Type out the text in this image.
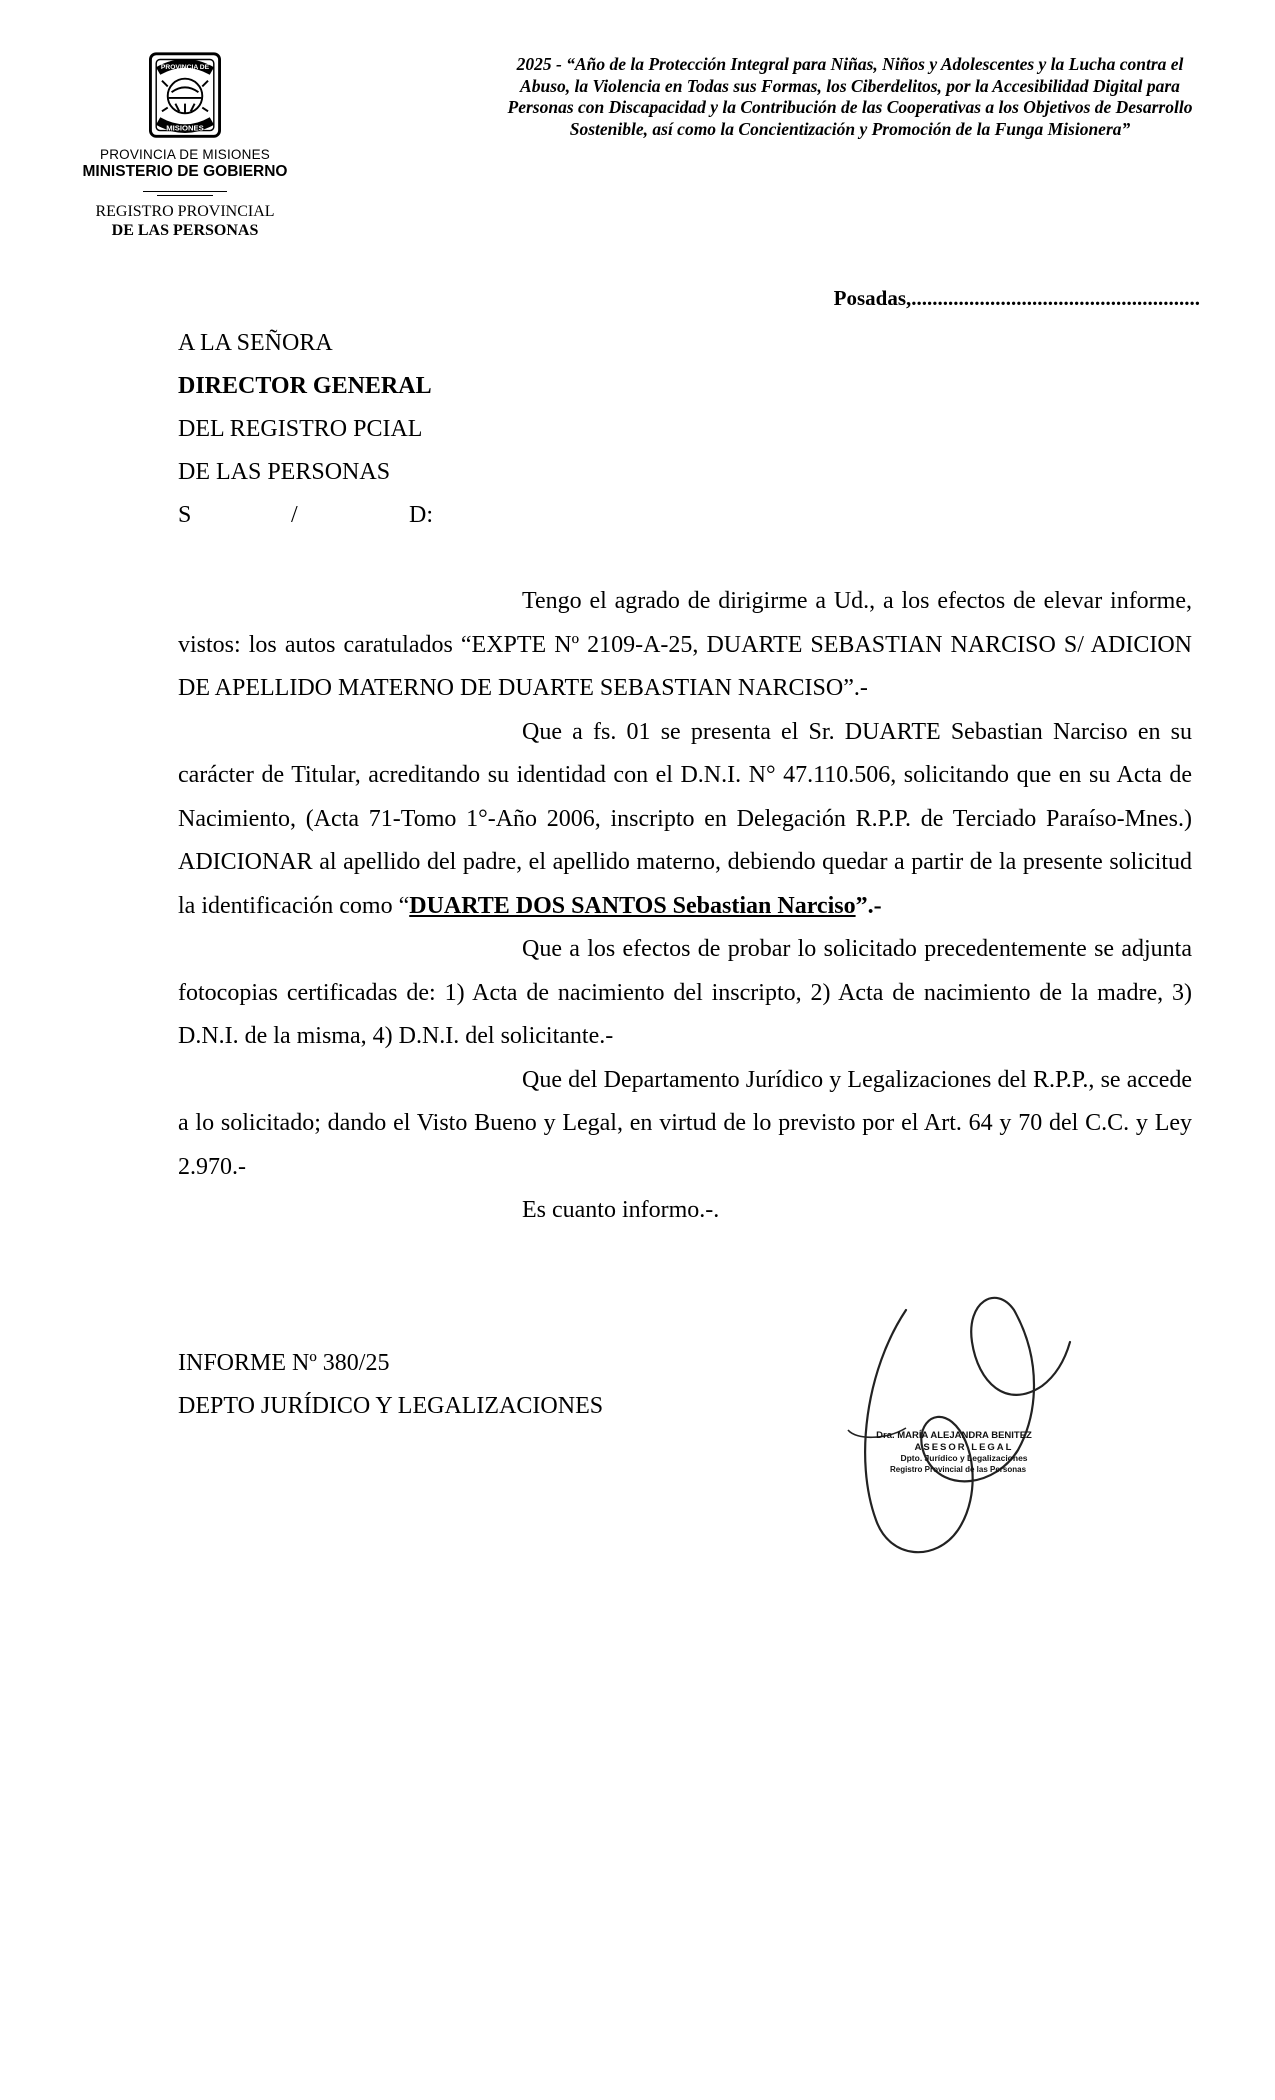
PROVINCIA DE
MISIONES
PROVINCIA DE MISIONES
MINISTERIO DE GOBIERNO
REGISTRO PROVINCIAL
DE LAS PERSONAS
2025 - “Año de la Protección Integral para Niñas, Niños y Adolescentes y la Lucha contra el Abuso, la Violencia en Todas sus Formas, los Ciberdelitos, por la Accesibilidad Digital para Personas con Discapacidad y la Contribución de las Cooperativas a los Objetivos de Desarrollo Sostenible, así como la Concientización y Promoción de la Funga Misionera”
Posadas,.......................................................
A LA SEÑORA
DIRECTOR GENERAL
DEL REGISTRO PCIAL
DE LAS PERSONAS
S	/	D:

Tengo el agrado de dirigirme a Ud., a los efectos de elevar informe, vistos: los autos caratulados “EXPTE Nº 2109-A-25, DUARTE SEBASTIAN NARCISO S/ ADICION DE APELLIDO MATERNO DE DUARTE SEBASTIAN NARCISO”.-

Que a fs. 01 se presenta el Sr. DUARTE Sebastian Narciso en su carácter de Titular, acreditando su identidad con el D.N.I. N° 47.110.506, solicitando que en su Acta de Nacimiento, (Acta 71-Tomo 1°-Año 2006, inscripto en Delegación R.P.P. de Terciado Paraíso-Mnes.) ADICIONAR al apellido del padre, el apellido materno, debiendo quedar a partir de la presente solicitud la identificación como “DUARTE DOS SANTOS Sebastian Narciso”.-

Que a los efectos de probar lo solicitado precedentemente se adjunta fotocopias certificadas de: 1) Acta de nacimiento del inscripto, 2) Acta de nacimiento de la madre, 3) D.N.I. de la misma, 4) D.N.I. del solicitante.-

Que del Departamento Jurídico y Legalizaciones del R.P.P., se accede a lo solicitado; dando el Visto Bueno y Legal, en virtud de lo previsto por el Art. 64 y 70 del C.C. y Ley 2.970.-

Es cuanto informo.-.

INFORME Nº 380/25
DEPTO JURÍDICO Y LEGALIZACIONES
Dra. MARÍA ALEJANDRA BENITEZ
ASESOR LEGAL
Dpto. Jurídico y Legalizaciones
Registro Provincial de las Personas
